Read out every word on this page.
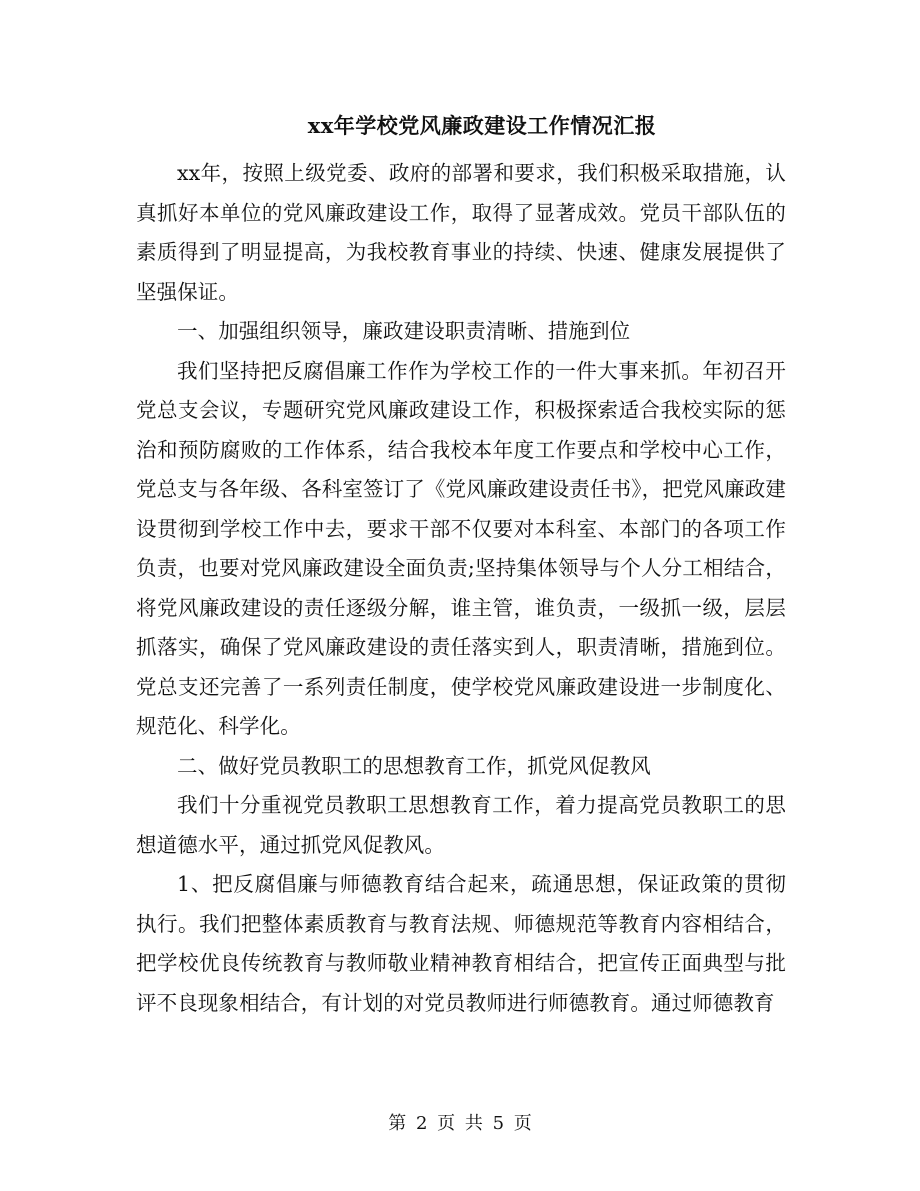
xx年学校党风廉政建设工作情况汇报

xx年，按照上级党委、政府的部署和要求，我们积极采取措施，认真抓好本单位的党风廉政建设工作，取得了显著成效。党员干部队伍的素质得到了明显提高，为我校教育事业的持续、快速、健康发展提供了坚强保证。

一、加强组织领导，廉政建设职责清晰、措施到位

我们坚持把反腐倡廉工作作为学校工作的一件大事来抓。年初召开党总支会议，专题研究党风廉政建设工作，积极探索适合我校实际的惩治和预防腐败的工作体系，结合我校本年度工作要点和学校中心工作，党总支与各年级、各科室签订了《党风廉政建设责任书》，把党风廉政建设贯彻到学校工作中去，要求干部不仅要对本科室、本部门的各项工作负责，也要对党风廉政建设全面负责;坚持集体领导与个人分工相结合，将党风廉政建设的责任逐级分解，谁主管，谁负责，一级抓一级，层层抓落实，确保了党风廉政建设的责任落实到人，职责清晰，措施到位。党总支还完善了一系列责任制度，使学校党风廉政建设进一步制度化、规范化、科学化。

二、做好党员教职工的思想教育工作，抓党风促教风

我们十分重视党员教职工思想教育工作，着力提高党员教职工的思想道德水平，通过抓党风促教风。

1、把反腐倡廉与师德教育结合起来，疏通思想，保证政策的贯彻执行。我们把整体素质教育与教育法规、师德规范等教育内容相结合，把学校优良传统教育与教师敬业精神教育相结合，把宣传正面典型与批评不良现象相结合，有计划的对党员教师进行师德教育。通过师德教育

第 2 页 共 5 页
